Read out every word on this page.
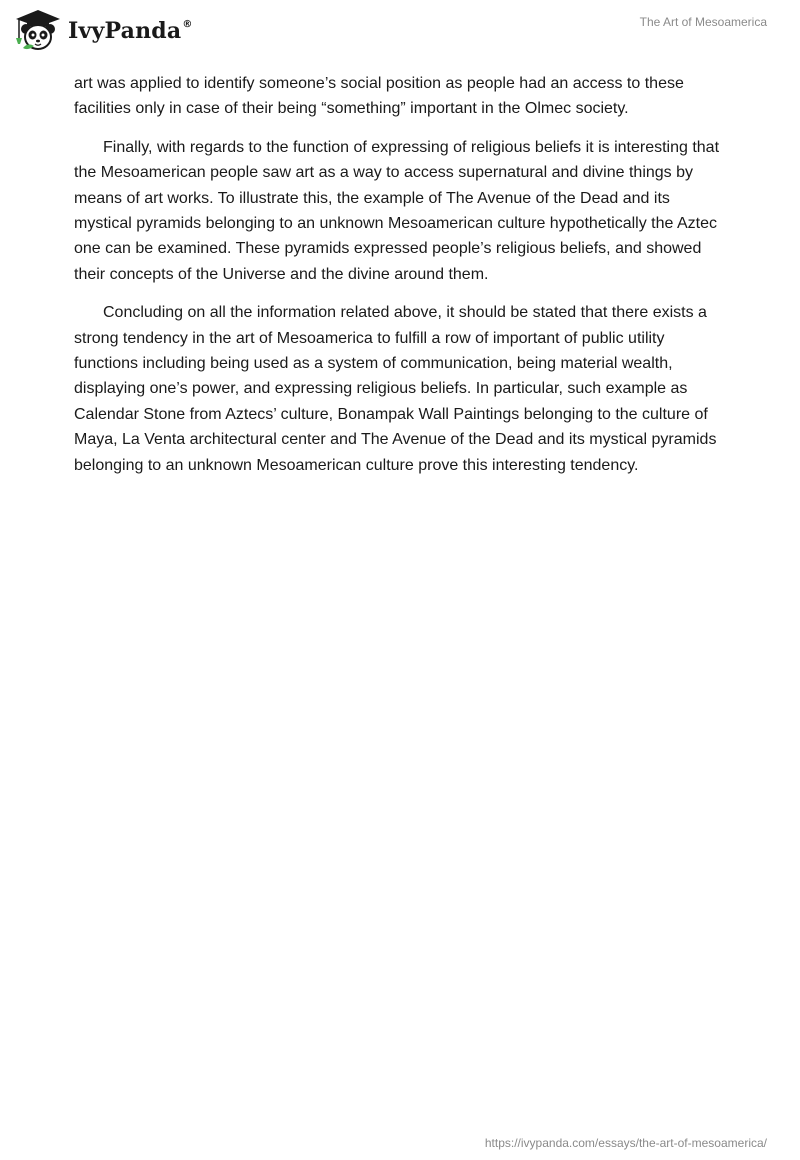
IvyPanda®	The Art of Mesoamerica

art was applied to identify someone’s social position as people had an access to these facilities only in case of their being “something” important in the Olmec society.

Finally, with regards to the function of expressing of religious beliefs it is interesting that the Mesoamerican people saw art as a way to access supernatural and divine things by means of art works. To illustrate this, the example of The Avenue of the Dead and its mystical pyramids belonging to an unknown Mesoamerican culture hypothetically the Aztec one can be examined. These pyramids expressed people’s religious beliefs, and showed their concepts of the Universe and the divine around them.

Concluding on all the information related above, it should be stated that there exists a strong tendency in the art of Mesoamerica to fulfill a row of important of public utility functions including being used as a system of communication, being material wealth, displaying one’s power, and expressing religious beliefs. In particular, such example as Calendar Stone from Aztecs’ culture, Bonampak Wall Paintings belonging to the culture of Maya, La Venta architectural center and The Avenue of the Dead and its mystical pyramids belonging to an unknown Mesoamerican culture prove this interesting tendency.

https://ivypanda.com/essays/the-art-of-mesoamerica/
